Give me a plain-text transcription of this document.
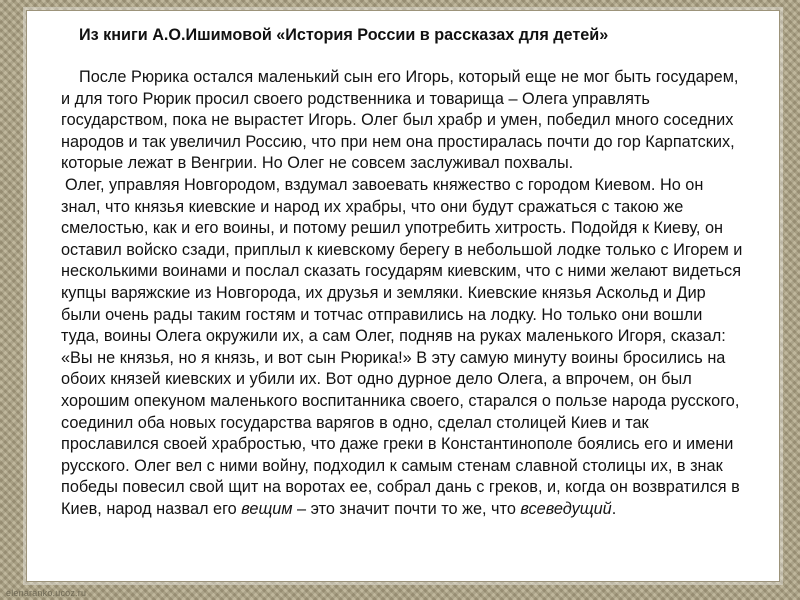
Из книги А.О.Ишимовой «История России в рассказах для детей»
После Рюрика остался маленький сын его Игорь, который еще не мог быть государем,
и для того Рюрик просил своего родственника и товарища – Олега управлять
государством, пока не вырастет Игорь. Олег был храбр и умен, победил много соседних
народов и так увеличил Россию, что при нем она простиралась почти до гор Карпатских,
которые лежат в Венгрии. Но Олег не совсем заслуживал похвалы.
Олег, управляя Новгородом, вздумал завоевать княжество с городом Киевом. Но он
знал, что князья киевские и народ их храбры, что они будут сражаться с такою же
смелостью, как и его воины, и потому решил употребить хитрость. Подойдя к Киеву, он
оставил войско сзади, приплыл к киевскому берегу в небольшой лодке только с Игорем и
несколькими воинами и послал сказать государям киевским, что с ними желают видеться
купцы варяжские из Новгорода, их друзья и земляки. Киевские князья Аскольд и Дир
были очень рады таким гостям и тотчас отправились на лодку. Но только они вошли
туда, воины Олега окружили их, а сам Олег, подняв на руках маленького Игоря, сказал:
«Вы не князья, но я князь, и вот сын Рюрика!» В эту самую минуту воины бросились на
обоих князей киевских и убили их. Вот одно дурное дело Олега, а впрочем, он был
хорошим опекуном маленького воспитанника своего, старался о пользе народа русского,
соединил оба новых государства варягов в одно, сделал столицей Киев и так
прославился своей храбростью, что даже греки в Константинополе боялись его и имени
русского. Олег вел с ними войну, подходил к самым стенам славной столицы их, в знак
победы повесил свой щит на воротах ее, собрал дань с греков, и, когда он возвратился в
Киев, народ назвал его вещим – это значит почти то же, что всеведущий.
elenaranko.ucoz.ru
